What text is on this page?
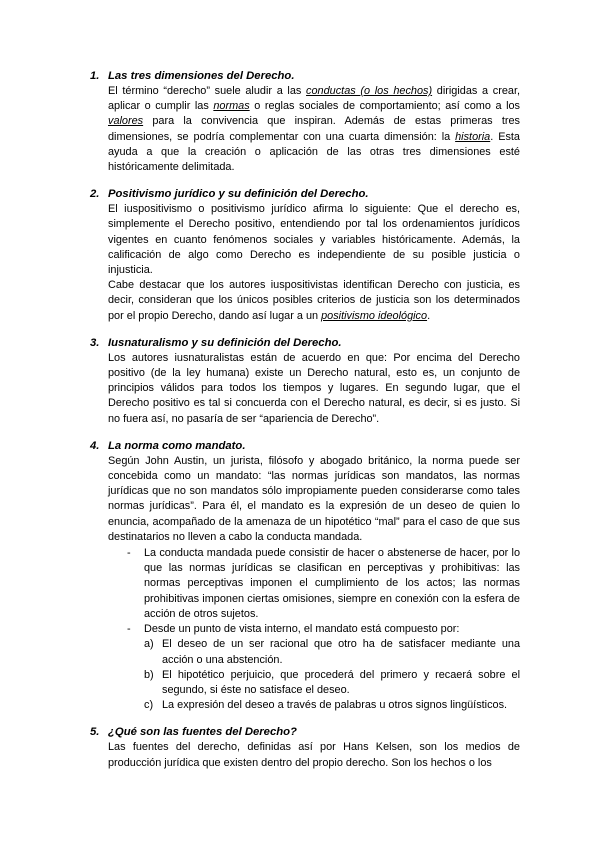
1. Las tres dimensiones del Derecho.

El término “derecho” suele aludir a las conductas (o los hechos) dirigidas a crear, aplicar o cumplir las normas o reglas sociales de comportamiento; así como a los valores para la convivencia que inspiran. Además de estas primeras tres dimensiones, se podría complementar con una cuarta dimensión: la historia. Esta ayuda a que la creación o aplicación de las otras tres dimensiones esté históricamente delimitada.

2. Positivismo jurídico y su definición del Derecho.

El iuspositivismo o positivismo jurídico afirma lo siguiente: Que el derecho es, simplemente el Derecho positivo, entendiendo por tal los ordenamientos jurídicos vigentes en cuanto fenómenos sociales y variables históricamente. Además, la calificación de algo como Derecho es independiente de su posible justicia o injusticia.

Cabe destacar que los autores iuspositivistas identifican Derecho con justicia, es decir, consideran que los únicos posibles criterios de justicia son los determinados por el propio Derecho, dando así lugar a un positivismo ideológico.

3. Iusnaturalismo y su definición del Derecho.

Los autores iusnaturalistas están de acuerdo en que: Por encima del Derecho positivo (de la ley humana) existe un Derecho natural, esto es, un conjunto de principios válidos para todos los tiempos y lugares. En segundo lugar, que el Derecho positivo es tal si concuerda con el Derecho natural, es decir, si es justo. Si no fuera así, no pasaría de ser “apariencia de Derecho”.

4. La norma como mandato.

Según John Austin, un jurista, filósofo y abogado británico, la norma puede ser concebida como un mandato: “las normas jurídicas son mandatos, las normas jurídicas que no son mandatos sólo impropiamente pueden considerarse como tales normas jurídicas”. Para él, el mandato es la expresión de un deseo de quien lo enuncia, acompañado de la amenaza de un hipotético “mal” para el caso de que sus destinatarios no lleven a cabo la conducta mandada.

- La conducta mandada puede consistir de hacer o abstenerse de hacer, por lo que las normas jurídicas se clasifican en perceptivas y prohibitivas: las normas perceptivas imponen el cumplimiento de los actos; las normas prohibitivas imponen ciertas omisiones, siempre en conexión con la esfera de acción de otros sujetos.
- Desde un punto de vista interno, el mandato está compuesto por:
a) El deseo de un ser racional que otro ha de satisfacer mediante una acción o una abstención.
b) El hipotético perjuicio, que procederá del primero y recaerá sobre el segundo, si éste no satisface el deseo.
c) La expresión del deseo a través de palabras u otros signos lingüísticos.
5. ¿Qué son las fuentes del Derecho?

Las fuentes del derecho, definidas así por Hans Kelsen, son los medios de producción jurídica que existen dentro del propio derecho. Son los hechos o los
